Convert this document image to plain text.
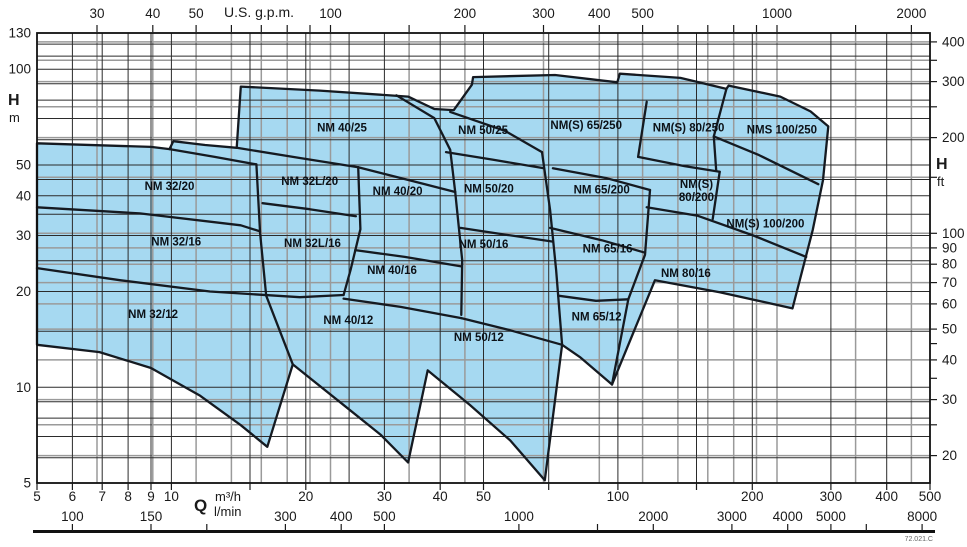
NM 32/20	NM 32L/20
NM 40/25	NM 50/25	NM(S) 65/250	NM(S) 80/250 NMS 100/250
NM 40/20	NM 50/20	NM 65/200	NM(S)
80/200
NM(S) 100/200
NM 32/16	NM 32L/16
NM 40/16
NM 50/16	NM 65/16
NM 80/16
NM 32/12	NM 40/12
NM 50/12
NM 65/12
30	40 50	100	200	300 400 500	1000	2000
130
100
50
40
30
20
10
5
400
300
200
100
90
80
70
60
50
40
30
20
5 6 7 8 9 10	20	30	40 50	100	200	300 400 500
100	150	300 400 500	1000	2000	3000 4000 5000	8000
U.S. g.p.m.
H
m
H
ft
Q m³/h
l/min
72.021.C
